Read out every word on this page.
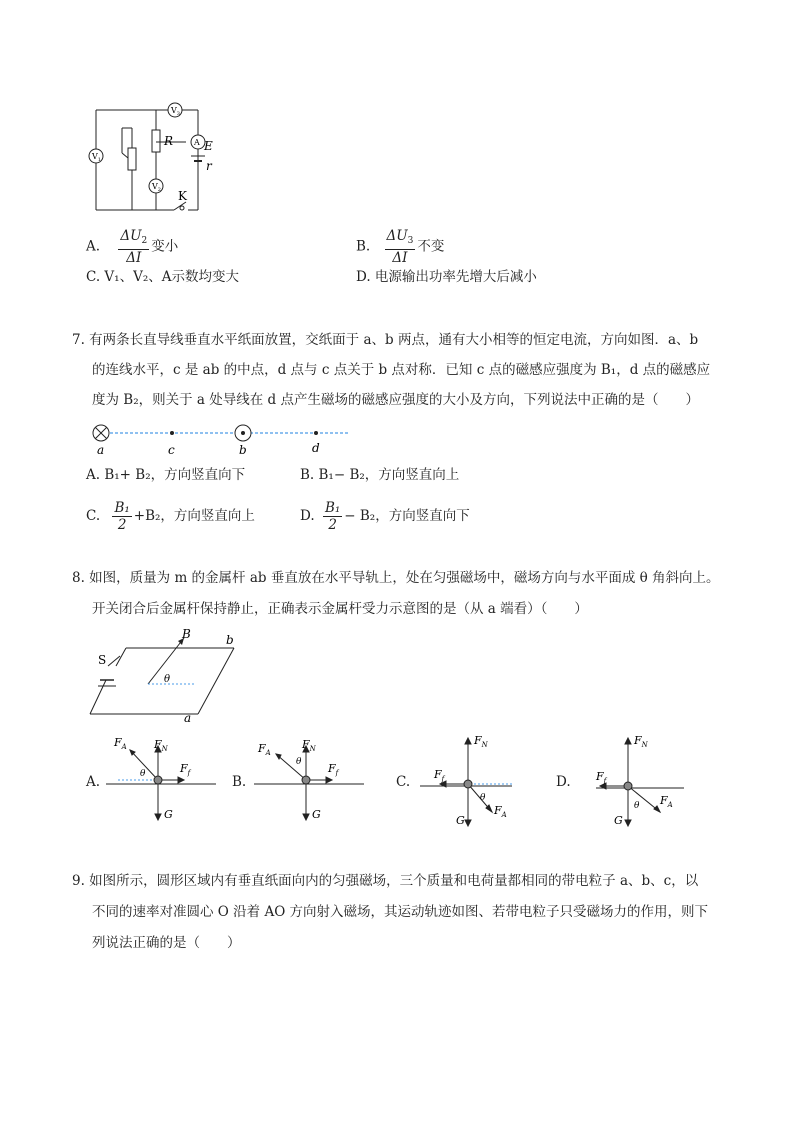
$V_3$
A
$V_1$
$V_2$
R	E
r
K
A. $\frac{\Delta U_2}{\Delta I}$ 变小	B. $\frac{\Delta U_3}{\Delta I}$ 不变
C. V₁、V₂、A示数均变大	D. 电源输出功率先增大后减小
7. 有两条长直导线垂直水平纸面放置，交纸面于 a、b 两点，通有大小相等的恒定电流，方向如图．a、b
的连线水平，c 是 ab 的中点，d 点与 c 点关于 b 点对称．已知 c 点的磁感应强度为 B₁，d 点的磁感应
度为 B₂，则关于 a 处导线在 d 点产生磁场的磁感应强度的大小及方向，下列说法中正确的是（　　）
a	c	b	d
A. B₁+ B₂，方向竖直向下	B. B₁− B₂，方向竖直向上
C. $\frac{\text{B₁}}{2} +B_2$，方向竖直向上	D. $\frac{\text{B₁}}{2} - B_2$，方向竖直向下
8. 如图，质量为 m 的金属杆 ab 垂直放在水平导轨上，处在匀强磁场中，磁场方向与水平面成 θ 角斜向上。
开关闭合后金属杆保持静止，正确表示金属杆受力示意图的是（从 a 端看）（　　）
S
B	b
a
θ
A.
$F_A$ $F_N$
$F_f$
G
θ	B.
$F_A$
$F_N$
$F_f$
G
θ
C.
$F_N$
$F_f$
$F_A$
G
θ
D.
$F_N$
$F_f$
$F_A$
G
θ
9. 如图所示，圆形区域内有垂直纸面向内的匀强磁场，三个质量和电荷量都相同的带电粒子 a、b、c，以
不同的速率对准圆心 O 沿着 AO 方向射入磁场，其运动轨迹如图、若带电粒子只受磁场力的作用，则下
列说法正确的是（　　）
